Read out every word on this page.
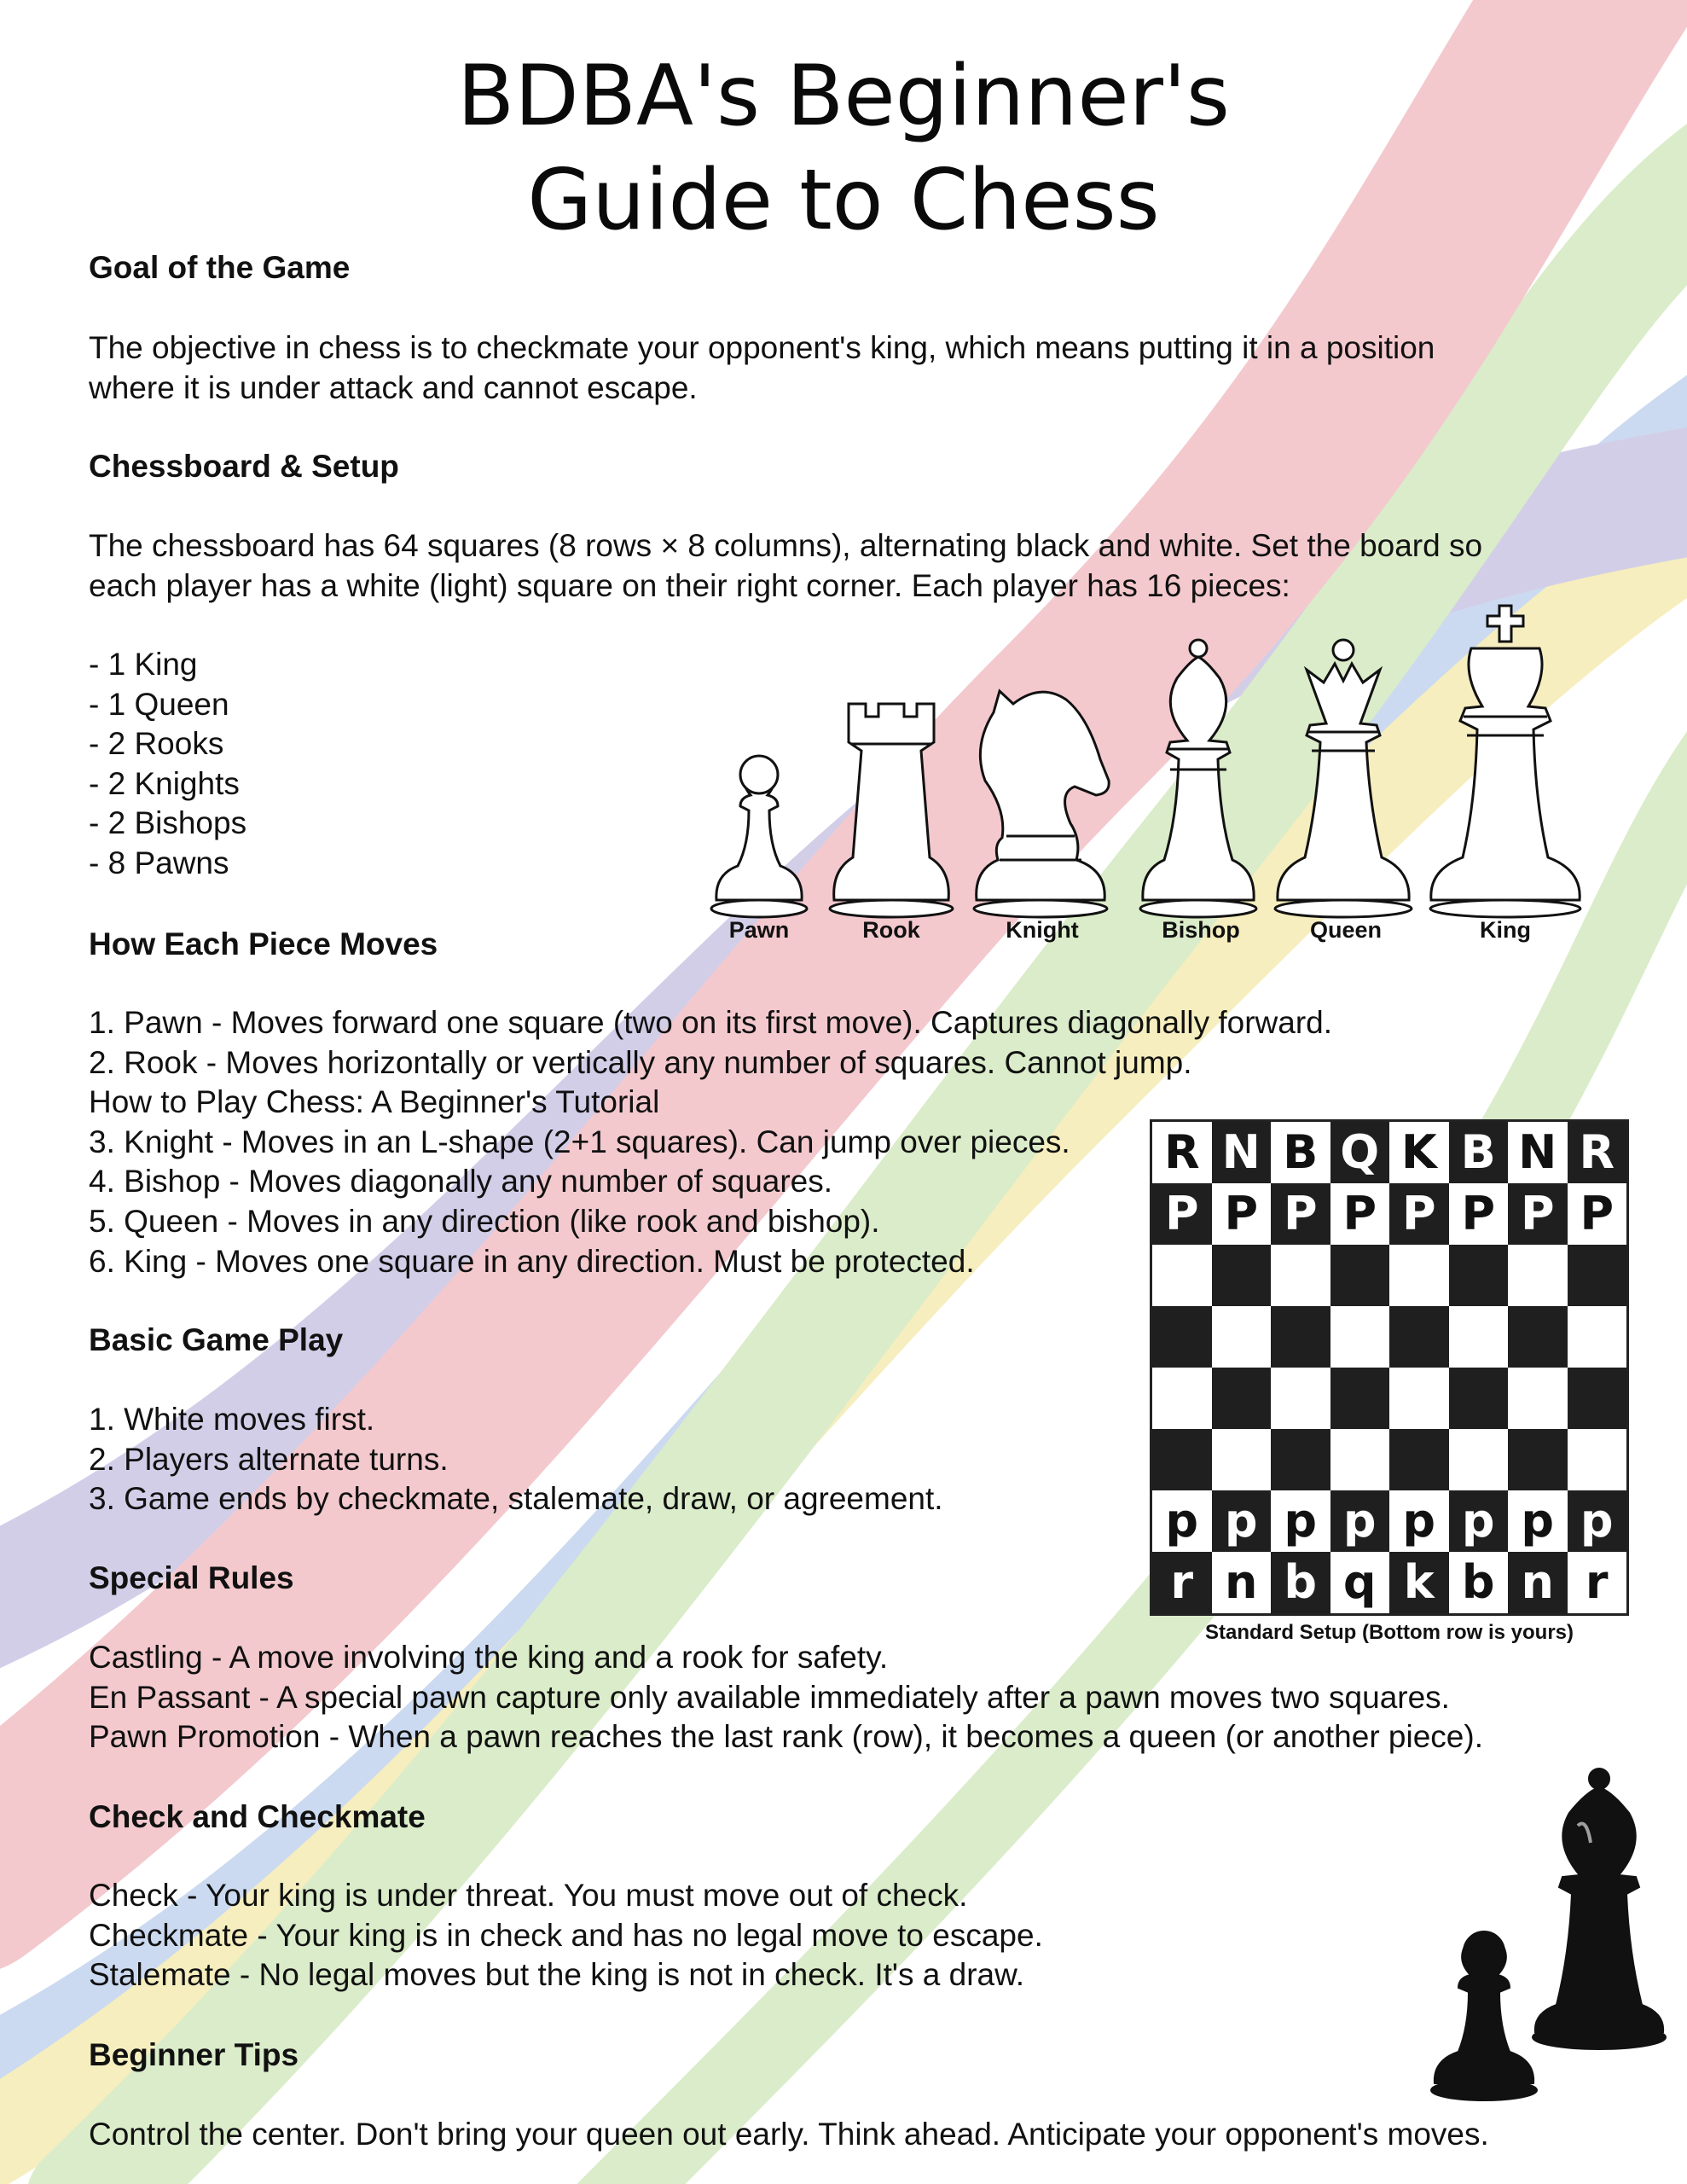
BDBA's Beginner's
Guide to Chess
Goal of the Game
The objective in chess is to checkmate your opponent's king, which means putting it in a position
where it is under attack and cannot escape.
Chessboard & Setup
The chessboard has 64 squares (8 rows × 8 columns), alternating black and white. Set the board so
each player has a white (light) square on their right corner. Each player has 16 pieces:
- 1 King
- 1 Queen
- 2 Rooks
- 2 Knights
- 2 Bishops
- 8 Pawns
Pawn	Rook	Knight	Bishop	Queen	King
How Each Piece Moves
1. Pawn - Moves forward one square (two on its first move). Captures diagonally forward.
2. Rook - Moves horizontally or vertically any number of squares. Cannot jump.
How to Play Chess: A Beginner's Tutorial
3. Knight - Moves in an L-shape (2+1 squares). Can jump over pieces.
4. Bishop - Moves diagonally any number of squares.
5. Queen - Moves in any direction (like rook and bishop).
6. King - Moves one square in any direction. Must be protected.
R N B Q K B N R
P P P P P P P P
p p p p p p p p
r n b q k b n r
Standard Setup (Bottom row is yours)
Basic Game Play
1. White moves first.
2. Players alternate turns.
3. Game ends by checkmate, stalemate, draw, or agreement.
Special Rules
Castling - A move involving the king and a rook for safety.
En Passant - A special pawn capture only available immediately after a pawn moves two squares.
Pawn Promotion - When a pawn reaches the last rank (row), it becomes a queen (or another piece).
Check and Checkmate
Check - Your king is under threat. You must move out of check.
Checkmate - Your king is in check and has no legal move to escape.
Stalemate - No legal moves but the king is not in check. It's a draw.
Beginner Tips
Control the center. Don't bring your queen out early. Think ahead. Anticipate your opponent's moves.
